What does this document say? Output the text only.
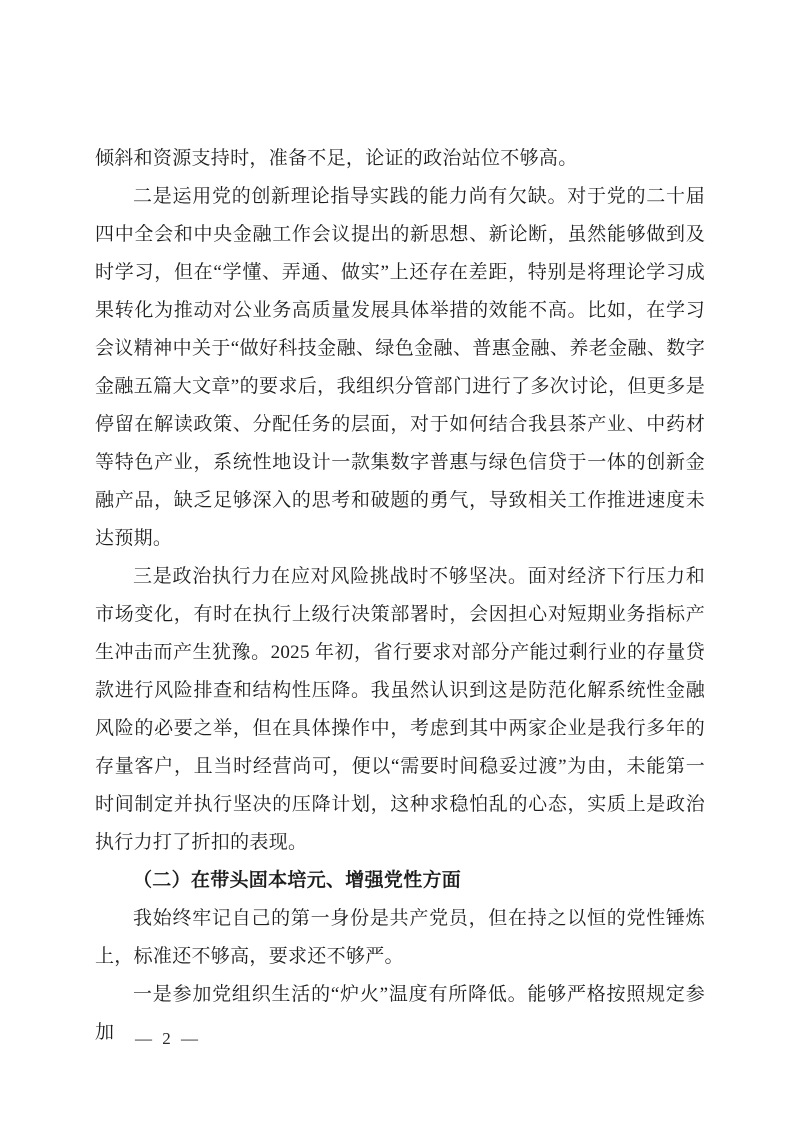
倾斜和资源支持时，准备不足，论证的政治站位不够高。

二是运用党的创新理论指导实践的能力尚有欠缺。对于党的二十届四中全会和中央金融工作会议提出的新思想、新论断，虽然能够做到及时学习，但在“学懂、弄通、做实”上还存在差距，特别是将理论学习成果转化为推动对公业务高质量发展具体举措的效能不高。比如，在学习会议精神中关于“做好科技金融、绿色金融、普惠金融、养老金融、数字金融五篇大文章”的要求后，我组织分管部门进行了多次讨论，但更多是停留在解读政策、分配任务的层面，对于如何结合我县茶产业、中药材等特色产业，系统性地设计一款集数字普惠与绿色信贷于一体的创新金融产品，缺乏足够深入的思考和破题的勇气，导致相关工作推进速度未达预期。

三是政治执行力在应对风险挑战时不够坚决。面对经济下行压力和市场变化，有时在执行上级行决策部署时，会因担心对短期业务指标产生冲击而产生犹豫。2025 年初，省行要求对部分产能过剩行业的存量贷款进行风险排查和结构性压降。我虽然认识到这是防范化解系统性金融风险的必要之举，但在具体操作中，考虑到其中两家企业是我行多年的存量客户，且当时经营尚可，便以“需要时间稳妥过渡”为由，未能第一时间制定并执行坚决的压降计划，这种求稳怕乱的心态，实质上是政治执行力打了折扣的表现。

（二）在带头固本培元、增强党性方面

我始终牢记自己的第一身份是共产党员，但在持之以恒的党性锤炼上，标准还不够高，要求还不够严。

一是参加党组织生活的“炉火”温度有所降低。能够严格按照规定参加	— 2 —
